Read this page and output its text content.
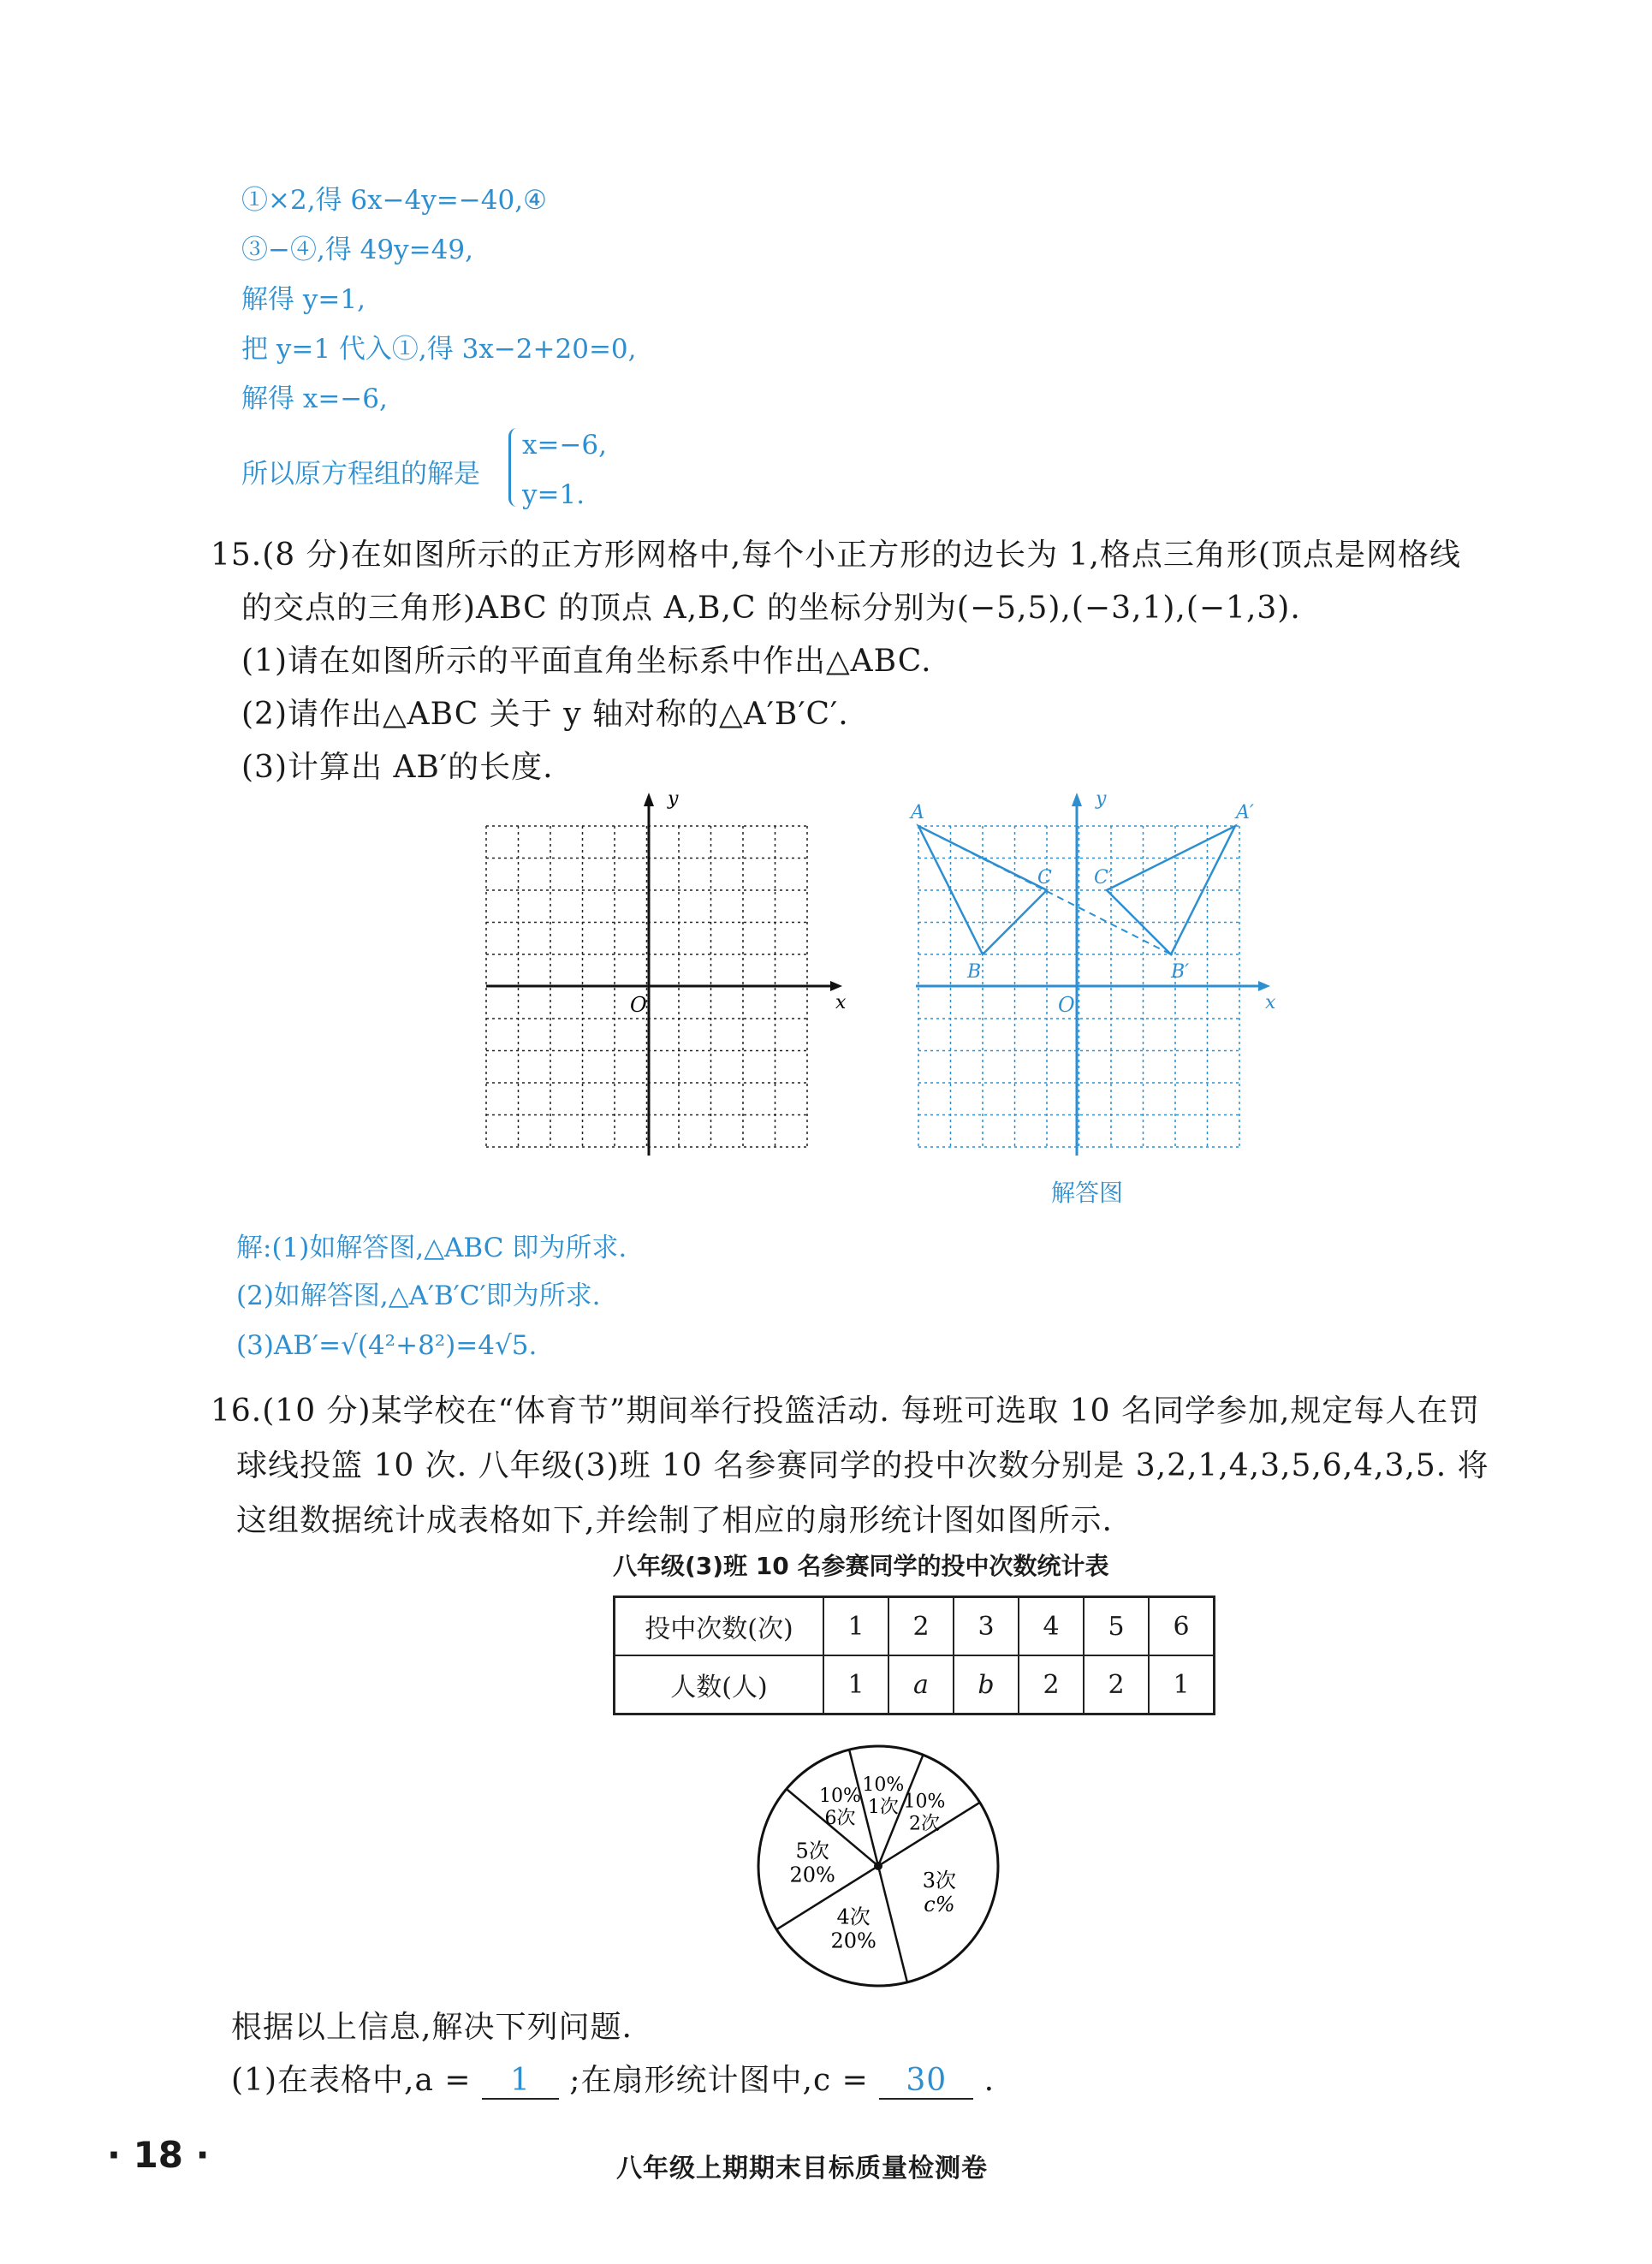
①×2,得 6x−4y=−40,④
③−④,得 49y=49,
解得 y=1,
把 y=1 代入①,得 3x−2+20=0,
解得 x=−6,
所以原方程组的解是
x=−6,
y=1.
15.(8 分)在如图所示的正方形网格中,每个小正方形的边长为 1,格点三角形(顶点是网格线
的交点的三角形)ABC 的顶点 A,B,C 的坐标分别为(−5,5),(−3,1),(−1,3).
(1)请在如图所示的平面直角坐标系中作出△ABC.
(2)请作出△ABC 关于 y 轴对称的△A′B′C′.
(3)计算出 AB′的长度.
y
x
O
y
x
O
A
B
C
A′
B′
C′
解答图
解:(1)如解答图,△ABC 即为所求.
(2)如解答图,△A′B′C′即为所求.
(3)AB′=√(4²+8²)=4√5.
16.(10 分)某学校在“体育节”期间举行投篮活动. 每班可选取 10 名同学参加,规定每人在罚
球线投篮 10 次. 八年级(3)班 10 名参赛同学的投中次数分别是 3,2,1,4,3,5,6,4,3,5. 将
这组数据统计成表格如下,并绘制了相应的扇形统计图如图所示.
八年级(3)班 10 名参赛同学的投中次数统计表
投中次数(次)	1	2	3	4	5	6
人数(人)	1	a	b	2	2	1
10%
1次 10%
2次
3次
c%
4次
20%
5次
20%
10%
6次
根据以上信息,解决下列问题.
(1)在表格中,a = 1 ;在扇形统计图中,c = 30 .
· 18 ·	八年级上期期末目标质量检测卷
